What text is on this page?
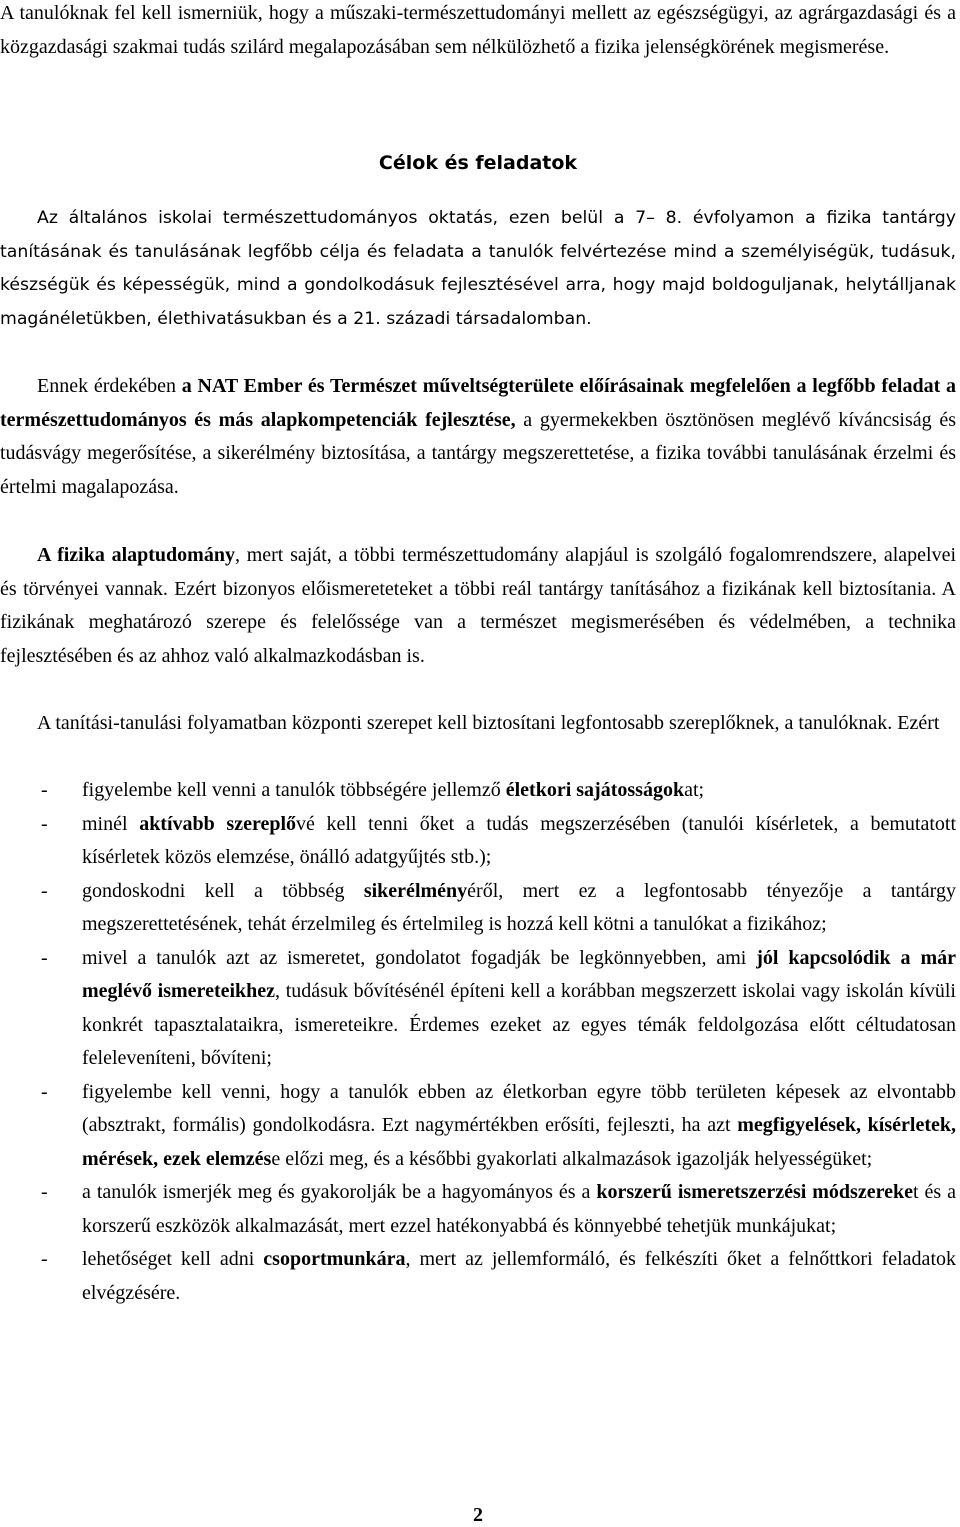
A tanulóknak fel kell ismerniük, hogy a műszaki-természettudományi mellett az egészségügyi, az agrárgazdasági és a közgazdasági szakmai tudás szilárd megalapozásában sem nélkülözhető a fizika jelenségkörének megismerése.

Célok és feladatok

Az általános iskolai természettudományos oktatás, ezen belül a 7– 8. évfolyamon a fizika tantárgy tanításának és tanulásának legfőbb célja és feladata a tanulók felvértezése mind a személyiségük, tudásuk, készségük és képességük, mind a gondolkodásuk fejlesztésével arra, hogy majd boldoguljanak, helytálljanak magánéletükben, élethivatásukban és a 21. századi társadalomban.

Ennek érdekében a NAT Ember és Természet műveltségterülete előírásainak megfelelően a legfőbb feladat a természettudományos és más alapkompetenciák fejlesztése, a gyermekekben ösztönösen meglévő kíváncsiság és tudásvágy megerősítése, a sikerélmény biztosítása, a tantárgy megszerettetése, a fizika további tanulásának érzelmi és értelmi magalapozása.

A fizika alaptudomány, mert saját, a többi természettudomány alapjául is szolgáló fogalomrendszere, alapelvei és törvényei vannak. Ezért bizonyos előismereteteket a többi reál tantárgy tanításához a fizikának kell biztosítania. A fizikának meghatározó szerepe és felelőssége van a természet megismerésében és védelmében, a technika fejlesztésében és az ahhoz való alkalmazkodásban is.

A tanítási-tanulási folyamatban központi szerepet kell biztosítani legfontosabb szereplőknek, a tanulóknak. Ezért

- figyelembe kell venni a tanulók többségére jellemző életkori sajátosságokat;
- minél aktívabb szereplővé kell tenni őket a tudás megszerzésében (tanulói kísérletek, a bemutatott kísérletek közös elemzése, önálló adatgyűjtés stb.);
- gondoskodni kell a többség sikerélményéről, mert ez a legfontosabb tényezője a tantárgy megszerettetésének, tehát érzelmileg és értelmileg is hozzá kell kötni a tanulókat a fizikához;
- mivel a tanulók azt az ismeretet, gondolatot fogadják be legkönnyebben, ami jól kapcsolódik a már meglévő ismereteikhez, tudásuk bővítésénél építeni kell a korábban megszerzett iskolai vagy iskolán kívüli konkrét tapasztalataikra, ismereteikre. Érdemes ezeket az egyes témák feldolgozása előtt céltudatosan feleleveníteni, bővíteni;
- figyelembe kell venni, hogy a tanulók ebben az életkorban egyre több területen képesek az elvontabb (absztrakt, formális) gondolkodásra. Ezt nagymértékben erősíti, fejleszti, ha azt megfigyelések, kísérletek, mérések, ezek elemzése előzi meg, és a későbbi gyakorlati alkalmazások igazolják helyességüket;
- a tanulók ismerjék meg és gyakorolják be a hagyományos és a korszerű ismeretszerzési módszereket és a korszerű eszközök alkalmazását, mert ezzel hatékonyabbá és könnyebbé tehetjük munkájukat;
- lehetőséget kell adni csoportmunkára, mert az jellemformáló, és felkészíti őket a felnőttkori feladatok elvégzésére.
2
